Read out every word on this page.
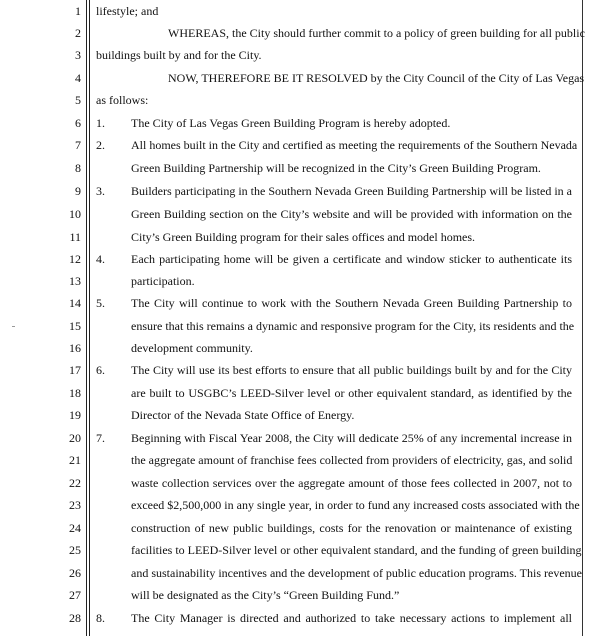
1 lifestyle; and
2	WHEREAS, the City should further commit to a policy of green building for all public
3 buildings built by and for the City.
4	NOW, THEREFORE BE IT RESOLVED by the City Council of the City of Las Vegas
5 as follows:
6 1. The City of Las Vegas Green Building Program is hereby adopted.
7 2. All homes built in the City and certified as meeting the requirements of the Southern Nevada
8	Green Building Partnership will be recognized in the City’s Green Building Program.
9 3. Builders participating in the Southern Nevada Green Building Partnership will be listed in a
10	Green Building section on the City’s website and will be provided with information on the
11	City’s Green Building program for their sales offices and model homes.
12 4. Each participating home will be given a certificate and window sticker to authenticate its
13	participation.
14 5. The City will continue to work with the Southern Nevada Green Building Partnership to
15	ensure that this remains a dynamic and responsive program for the City, its residents and the
16	development community.
17 6. The City will use its best efforts to ensure that all public buildings built by and for the City
18	are built to USGBC’s LEED-Silver level or other equivalent standard, as identified by the
19	Director of the Nevada State Office of Energy.
20 7. Beginning with Fiscal Year 2008, the City will dedicate 25% of any incremental increase in
21	the aggregate amount of franchise fees collected from providers of electricity, gas, and solid
22	waste collection services over the aggregate amount of those fees collected in 2007, not to
23	exceed $2,500,000 in any single year, in order to fund any increased costs associated with the
24	construction of new public buildings, costs for the renovation or maintenance of existing
25	facilities to LEED-Silver level or other equivalent standard, and the funding of green building
26	and sustainability incentives and the development of public education programs. This revenue
27	will be designated as the City’s “Green Building Fund.”
28 8. The City Manager is directed and authorized to take necessary actions to implement all
